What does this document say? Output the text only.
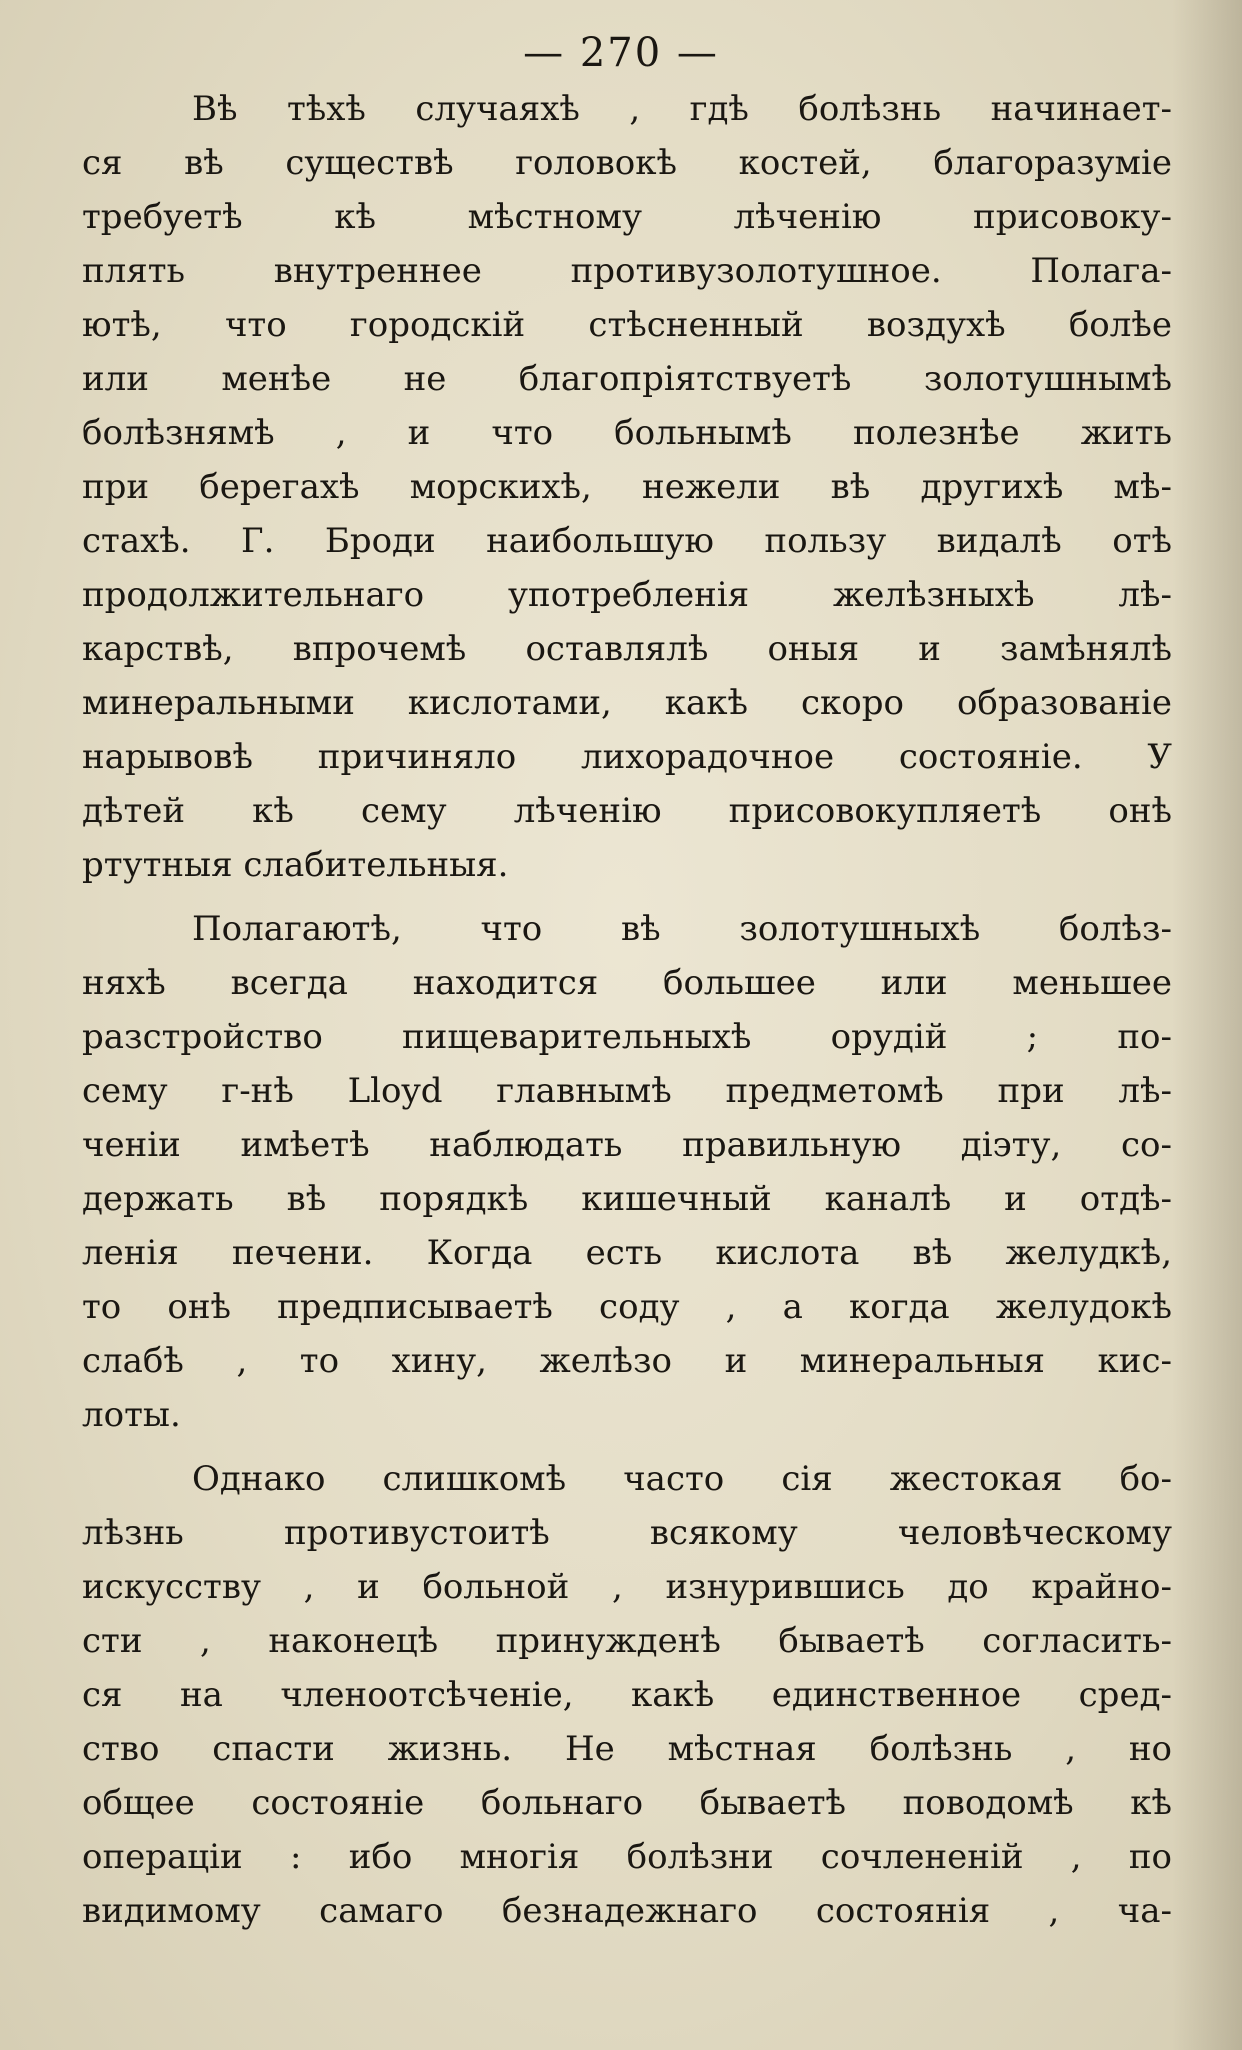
— 270 —
Вѣ тѣхѣ случаяхѣ , гдѣ болѣзнь начинает-
ся вѣ существѣ головокѣ костей, благоразуміе
требуетѣ кѣ мѣстному лѣченію присовоку-
плять внутреннее противузолотушное. Полага-
ютѣ, что городскій стѣсненный воздухѣ болѣе
или менѣе не благопріятствуетѣ золотушнымѣ
болѣзнямѣ , и что больнымѣ полезнѣе жить
при берегахѣ морскихѣ, нежели вѣ другихѣ мѣ-
стахѣ. Г. Броди наибольшую пользу видалѣ отѣ
продолжительнаго употребленія желѣзныхѣ лѣ-
карствѣ, впрочемѣ оставлялѣ оныя и замѣнялѣ
минеральными кислотами, какѣ скоро образованіе
нарывовѣ причиняло лихорадочное состояніе. У
дѣтей кѣ сему лѣченію присовокупляетѣ онѣ
ртутныя слабительныя.
Полагаютѣ, что вѣ золотушныхѣ болѣз-
няхѣ всегда находится большее или меньшее
разстройство пищеварительныхѣ орудій ; по-
сему г-нѣ Lloyd главнымѣ предметомѣ при лѣ-
ченіи имѣетѣ наблюдать правильную діэту, со-
держать вѣ порядкѣ кишечный каналѣ и отдѣ-
ленія печени. Когда есть кислота вѣ желудкѣ,
то онѣ предписываетѣ соду , а когда желудокѣ
слабѣ , то хину, желѣзо и минеральныя кис-
лоты.
Однако слишкомѣ часто сія жестокая бо-
лѣзнь противустоитѣ всякому человѣческому
искусству , и больной , изнурившись до крайно-
сти , наконецѣ принужденѣ бываетѣ согласить-
ся на членоотсѣченіе, какѣ единственное сред-
ство спасти жизнь. Не мѣстная болѣзнь , но
общее состояніе больнаго бываетѣ поводомѣ кѣ
операціи : ибо многія болѣзни сочлененій , по
видимому самаго безнадежнаго состоянія , ча-
